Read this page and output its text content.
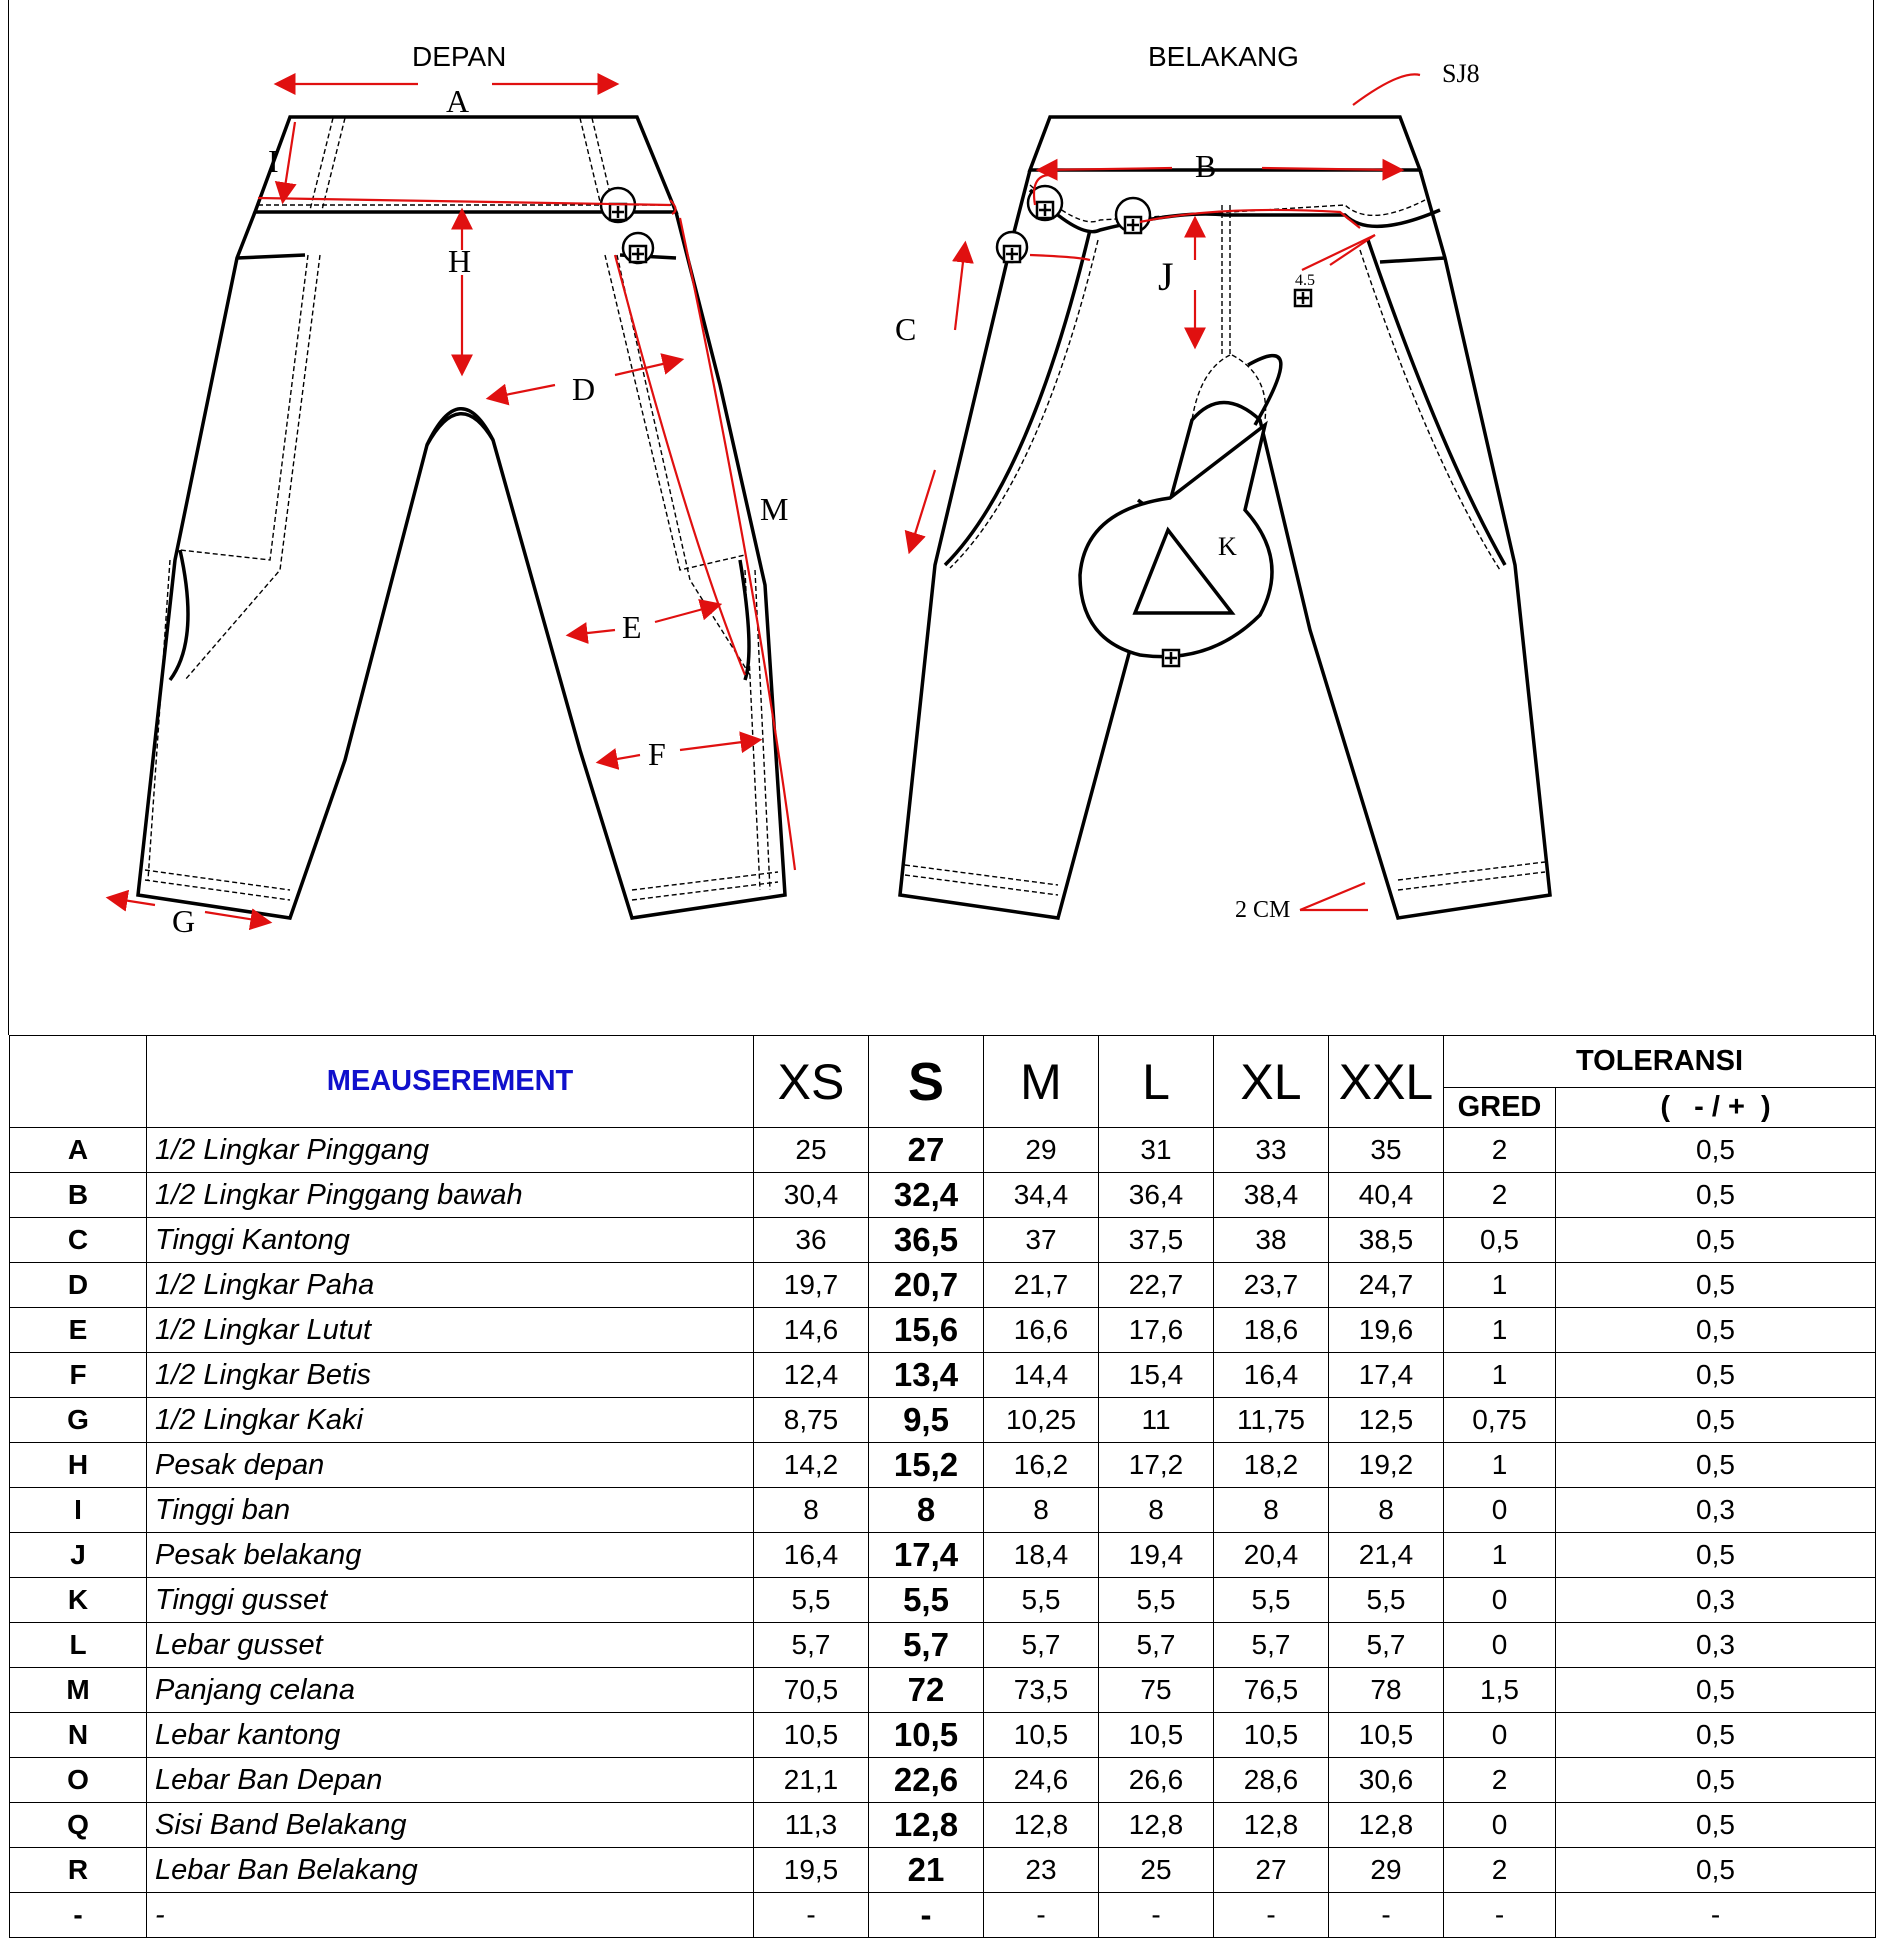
DEPAN
A
I
H
D
E
F
G
M
BELAKANG
SJ8
B
C
J
K
4.5
2 CM
	MEAUSEREMENT	XS	S	M	L	XL	XXL	TOLERANSI	
								GRED	(   - / +  )
A	1/2 Lingkar Pinggang	25	27	29	31	33	35	2	0,5
B	1/2 Lingkar Pinggang bawah	30,4	32,4	34,4	36,4	38,4	40,4	2	0,5
C	Tinggi Kantong	36	36,5	37	37,5	38	38,5	0,5	0,5
D	1/2 Lingkar Paha	19,7	20,7	21,7	22,7	23,7	24,7	1	0,5
E	1/2 Lingkar Lutut	14,6	15,6	16,6	17,6	18,6	19,6	1	0,5
F	1/2 Lingkar Betis	12,4	13,4	14,4	15,4	16,4	17,4	1	0,5
G	1/2 Lingkar Kaki	8,75	9,5	10,25	11	11,75	12,5	0,75	0,5
H	Pesak depan	14,2	15,2	16,2	17,2	18,2	19,2	1	0,5
I	Tinggi ban	8	8	8	8	8	8	0	0,3
J	Pesak belakang	16,4	17,4	18,4	19,4	20,4	21,4	1	0,5
K	Tinggi gusset	5,5	5,5	5,5	5,5	5,5	5,5	0	0,3
L	Lebar gusset	5,7	5,7	5,7	5,7	5,7	5,7	0	0,3
M	Panjang celana	70,5	72	73,5	75	76,5	78	1,5	0,5
N	Lebar kantong	10,5	10,5	10,5	10,5	10,5	10,5	0	0,5
O	Lebar Ban Depan	21,1	22,6	24,6	26,6	28,6	30,6	2	0,5
Q	Sisi Band Belakang	11,3	12,8	12,8	12,8	12,8	12,8	0	0,5
R	Lebar Ban Belakang	19,5	21	23	25	27	29	2	0,5
-	-	-	-	-	-	-	-	-	-
